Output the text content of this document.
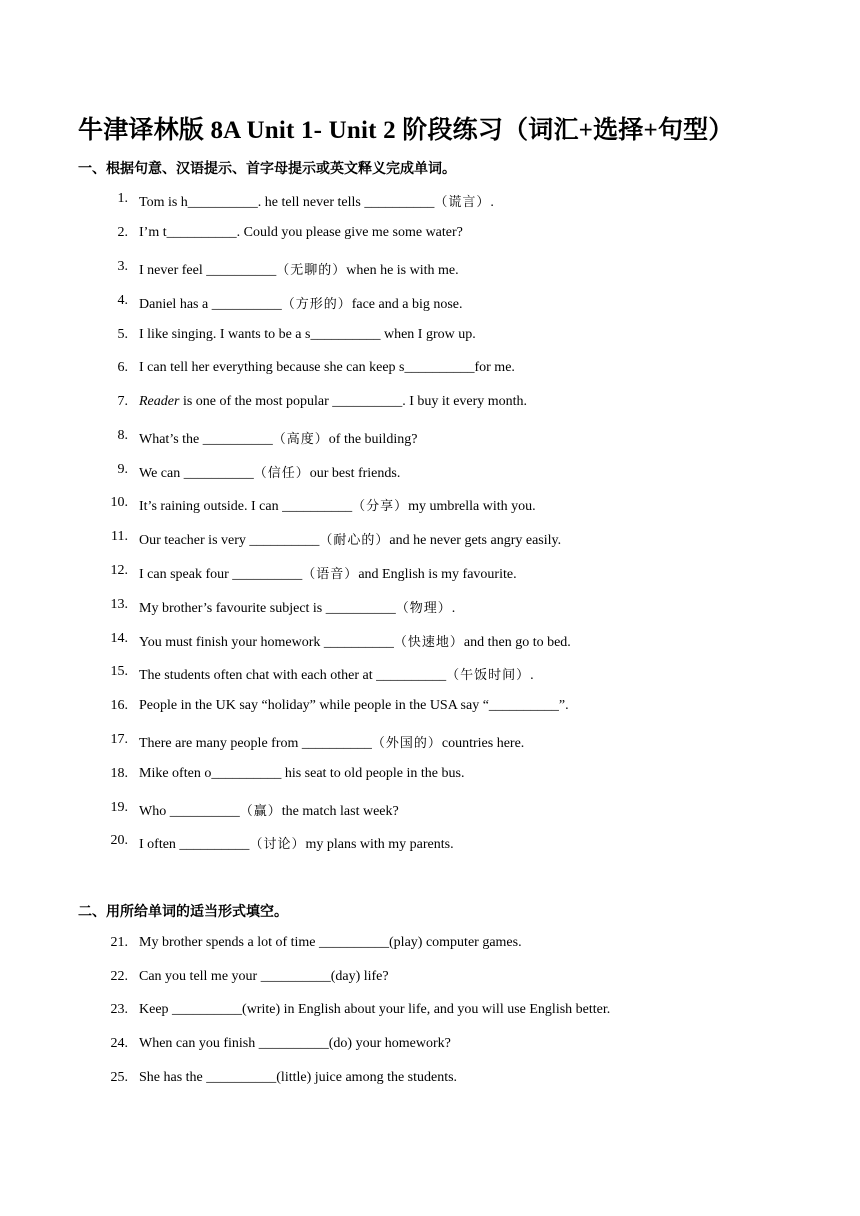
牛津译林版 8A Unit 1- Unit 2 阶段练习（词汇+选择+句型）
一、根据句意、汉语提示、首字母提示或英文释义完成单词。
1. Tom is h__________. he tell never tells __________（谎言）.
2. I’m t__________. Could you please give me some water?
3. I never feel __________（无聊的）when he is with me.
4. Daniel has a __________（方形的）face and a big nose.
5. I like singing. I wants to be a s__________ when I grow up.
6. I can tell her everything because she can keep s__________for me.
7. Reader is one of the most popular __________. I buy it every month.
8. What’s the __________（高度）of the building?
9. We can __________（信任）our best friends.
10. It’s raining outside. I can __________（分享）my umbrella with you.
11. Our teacher is very __________（耐心的）and he never gets angry easily.
12. I can speak four __________（语音）and English is my favourite.
13. My brother’s favourite subject is __________（物理）.
14. You must finish your homework __________（快速地）and then go to bed.
15. The students often chat with each other at __________（午饭时间）.
16. People in the UK say “holiday” while people in the USA say “__________”.
17. There are many people from __________（外国的）countries here.
18. Mike often o__________ his seat to old people in the bus.
19. Who __________（赢）the match last week?
20. I often __________（讨论）my plans with my parents.
二、用所给单词的适当形式填空。
21. My brother spends a lot of time __________(play) computer games.
22. Can you tell me your __________(day) life?
23. Keep __________(write) in English about your life, and you will use English better.
24. When can you finish __________(do) your homework?
25. She has the __________(little) juice among the students.
